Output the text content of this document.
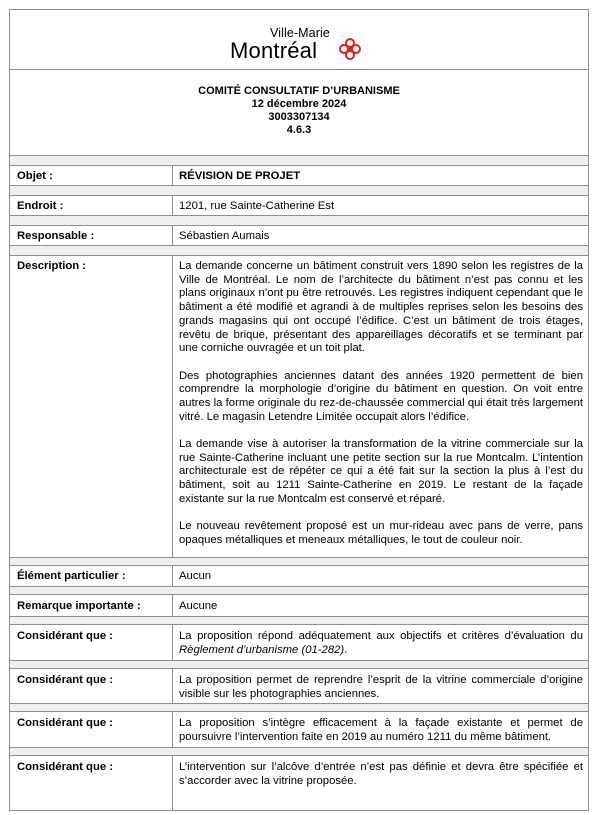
Ville-Marie
Montréal
COMITÉ CONSULTATIF D’URBANISME
12 décembre 2024
3003307134
4.6.3
Objet :	RÉVISION DE PROJET
Endroit :	1201, rue Sainte-Catherine Est
Responsable :	Sébastien Aumais
Description :	La demande concerne un bâtiment construit vers 1890 selon les registres de la Ville de Montréal. Le nom de l’architecte du bâtiment n’est pas connu et les plans originaux n’ont pu être retrouvés. Les registres indiquent cependant que le bâtiment a été modifié et agrandi à de multiples reprises selon les besoins des grands magasins qui ont occupé l’édifice. C’est un bâtiment de trois étages, revêtu de brique, présentant des appareillages décoratifs et se terminant par une corniche ouvragée et un toit plat.

Des photographies anciennes datant des années 1920 permettent de bien comprendre la morphologie d’origine du bâtiment en question. On voit entre autres la forme originale du rez-de-chaussée commercial qui était très largement vitré. Le magasin Letendre Limitée occupait alors l’édifice.

La demande vise à autoriser la transformation de la vitrine commerciale sur la rue Sainte-Catherine incluant une petite section sur la rue Montcalm. L’intention architecturale est de répéter ce qui a été fait sur la section la plus à l’est du bâtiment, soit au 1211 Sainte-Catherine en 2019. Le restant de la façade existante sur la rue Montcalm est conservé et réparé.

Le nouveau revêtement proposé est un mur-rideau avec pans de verre, pans opaques métalliques et meneaux métalliques, le tout de couleur noir.

Élément particulier :	Aucun
Remarque importante :	Aucune
Considérant que :	La proposition répond adéquatement aux objectifs et critères d’évaluation du Règlement d’urbanisme (01-282).
Considérant que :	La proposition permet de reprendre l’esprit de la vitrine commerciale d’origine visible sur les photographies anciennes.
Considérant que :	La proposition s’intègre efficacement à la façade existante et permet de poursuivre l’intervention faite en 2019 au numéro 1211 du même bâtiment.
Considérant que :	L’intervention sur l’alcôve d’entrée n’est pas définie et devra être spécifiée et s’accorder avec la vitrine proposée.
